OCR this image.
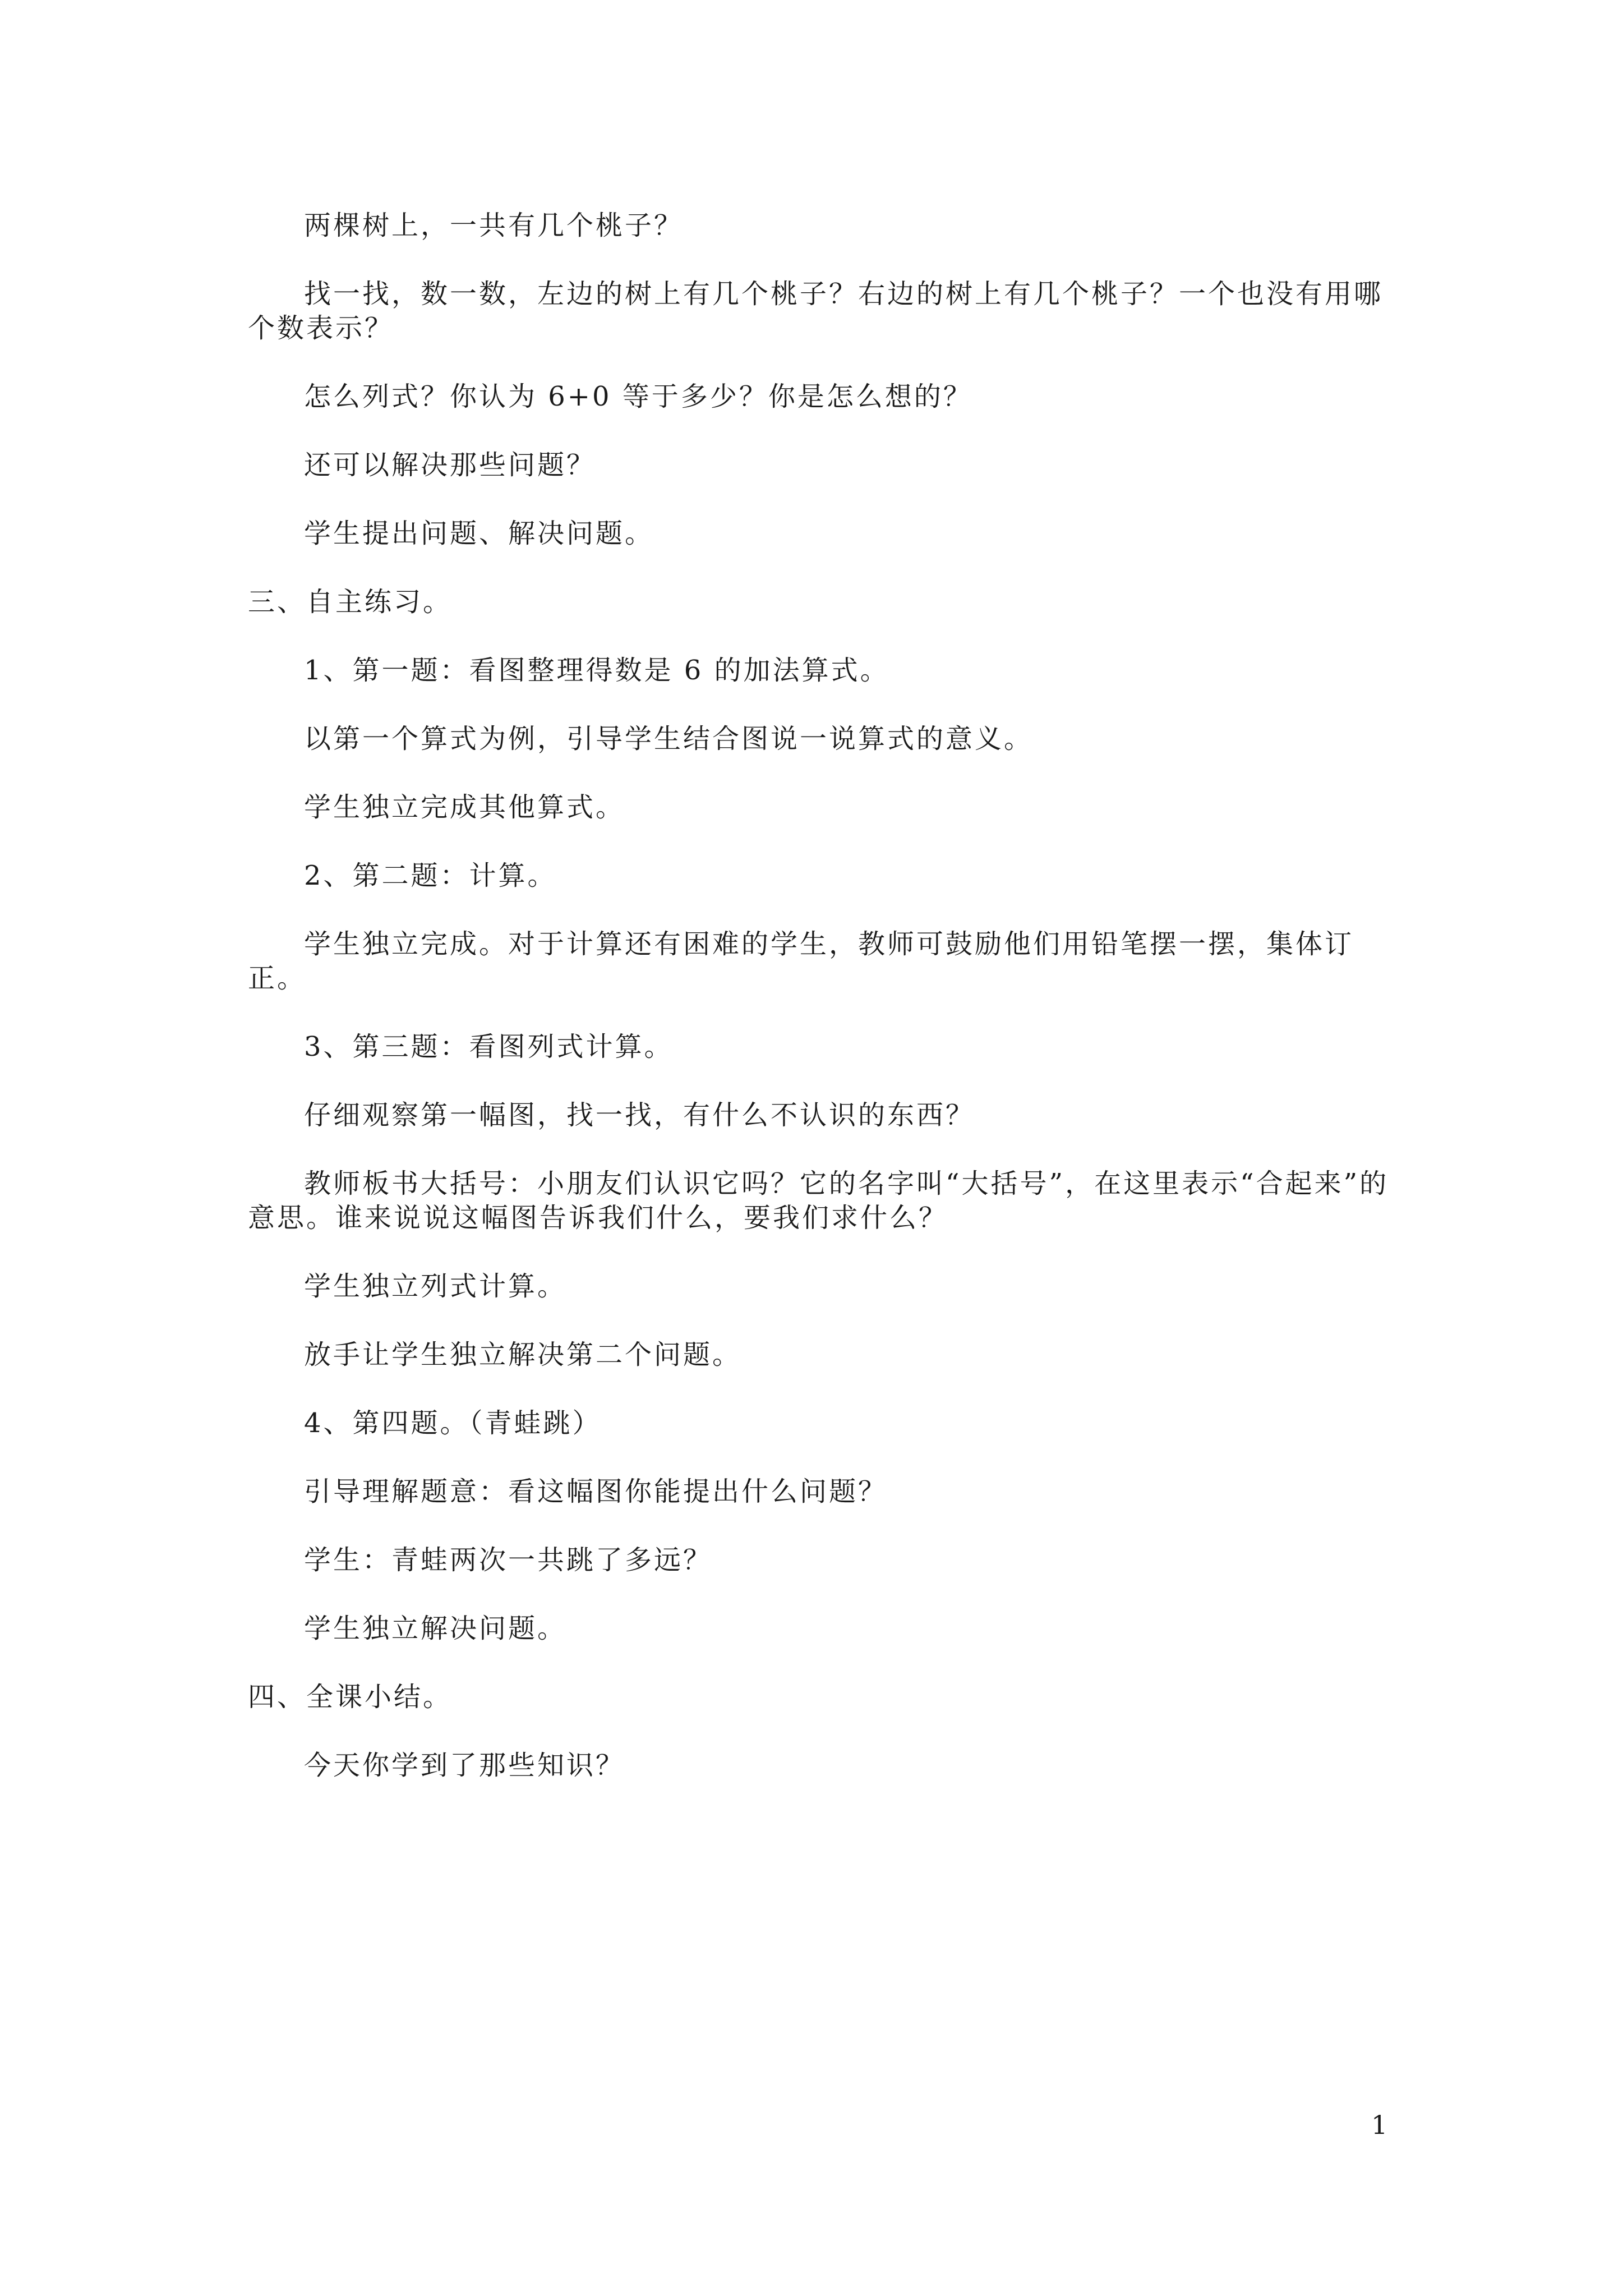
两棵树上，一共有几个桃子？

找一找，数一数，左边的树上有几个桃子？右边的树上有几个桃子？一个也没有用哪个数表示？

怎么列式？你认为 6+0 等于多少？你是怎么想的？

还可以解决那些问题？

学生提出问题、解决问题。

三、自主练习。

1、第一题：看图整理得数是 6 的加法算式。

以第一个算式为例，引导学生结合图说一说算式的意义。

学生独立完成其他算式。

2、第二题：计算。

学生独立完成。对于计算还有困难的学生，教师可鼓励他们用铅笔摆一摆，集体订正。

3、第三题：看图列式计算。

仔细观察第一幅图，找一找，有什么不认识的东西？

教师板书大括号：小朋友们认识它吗？它的名字叫“大括号”，在这里表示“合起来”的意思。谁来说说这幅图告诉我们什么，要我们求什么？

学生独立列式计算。

放手让学生独立解决第二个问题。

4、第四题。（青蛙跳）

引导理解题意：看这幅图你能提出什么问题？

学生：青蛙两次一共跳了多远？

学生独立解决问题。

四、全课小结。

今天你学到了那些知识？

1
